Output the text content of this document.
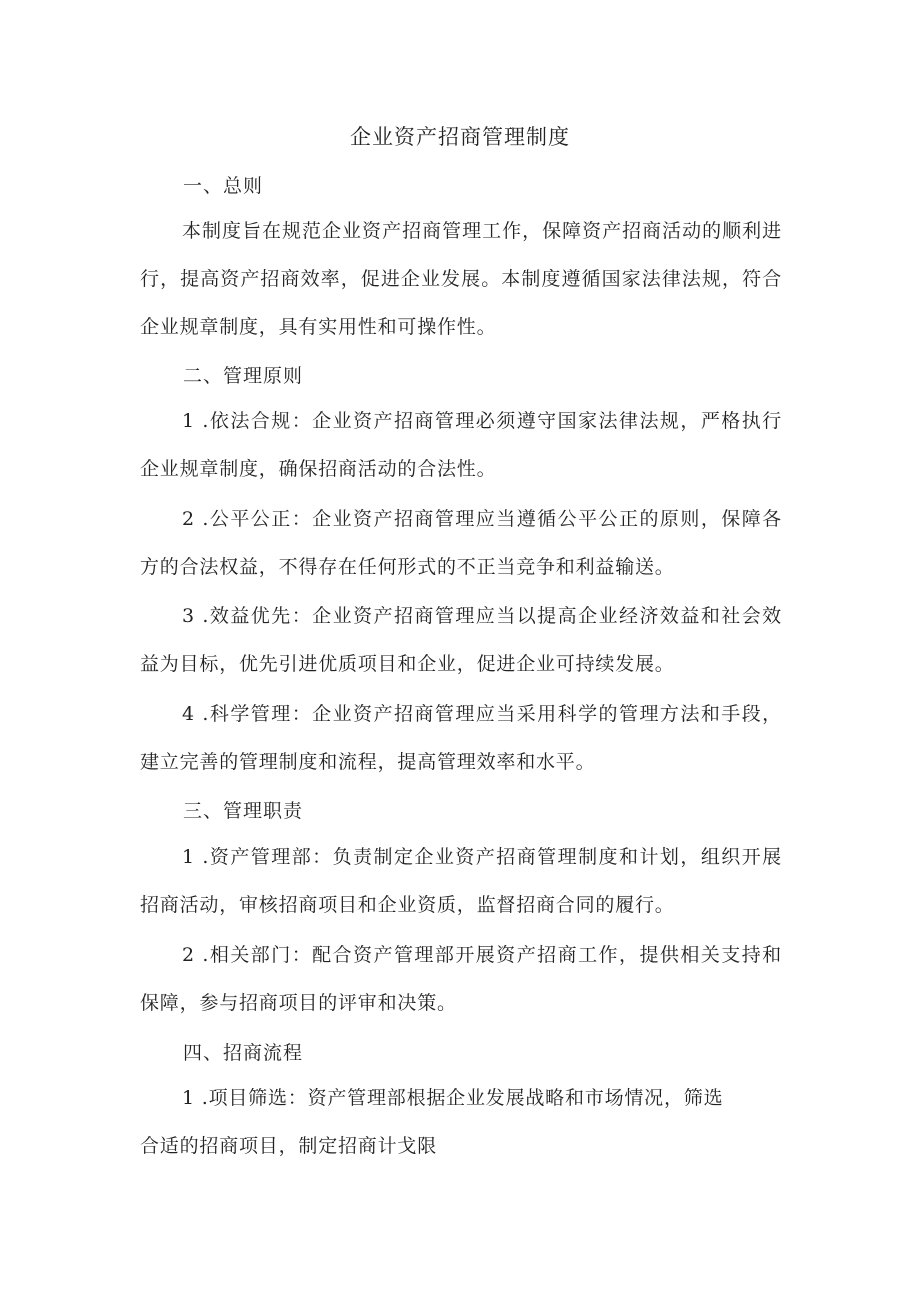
企业资产招商管理制度
一、总则

本制度旨在规范企业资产招商管理工作，保障资产招商活动的顺利进行，提高资产招商效率，促进企业发展。本制度遵循国家法律法规，符合企业规章制度，具有实用性和可操作性。

二、管理原则

1 .依法合规：企业资产招商管理必须遵守国家法律法规，严格执行企业规章制度，确保招商活动的合法性。

2 .公平公正：企业资产招商管理应当遵循公平公正的原则，保障各方的合法权益，不得存在任何形式的不正当竞争和利益输送。

3 .效益优先：企业资产招商管理应当以提高企业经济效益和社会效益为目标，优先引进优质项目和企业，促进企业可持续发展。

4 .科学管理：企业资产招商管理应当采用科学的管理方法和手段，建立完善的管理制度和流程，提高管理效率和水平。

三、管理职责

1 .资产管理部：负责制定企业资产招商管理制度和计划，组织开展招商活动，审核招商项目和企业资质，监督招商合同的履行。

2 .相关部门：配合资产管理部开展资产招商工作，提供相关支持和保障，参与招商项目的评审和决策。

四、招商流程

1 .项目筛选：资产管理部根据企业发展战略和市场情况，筛选

合适的招商项目，制定招商计戈限
